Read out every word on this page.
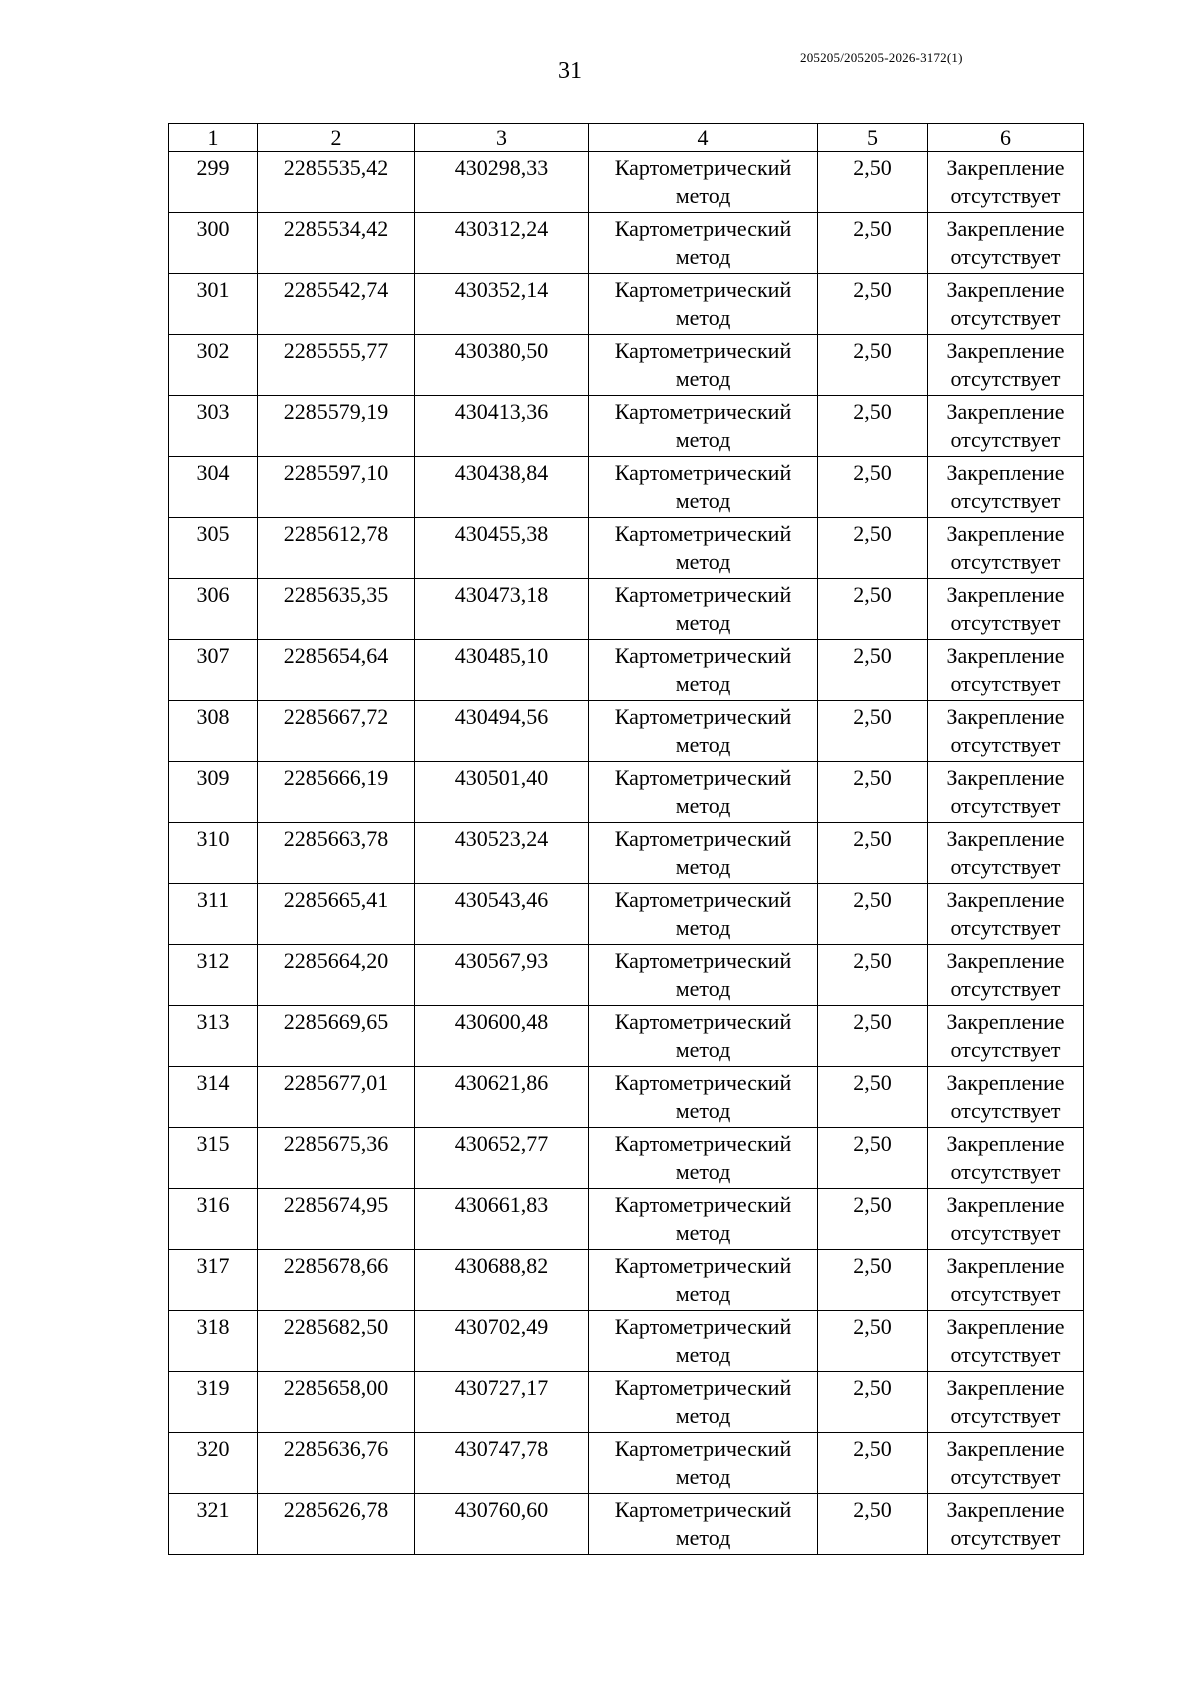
31
205205/205205-2026-3172(1)
1	2	3	4	5	6
299	2285535,42	430298,33	Картометрический метод	2,50	Закрепление отсутствует
300	2285534,42	430312,24	Картометрический метод	2,50	Закрепление отсутствует
301	2285542,74	430352,14	Картометрический метод	2,50	Закрепление отсутствует
302	2285555,77	430380,50	Картометрический метод	2,50	Закрепление отсутствует
303	2285579,19	430413,36	Картометрический метод	2,50	Закрепление отсутствует
304	2285597,10	430438,84	Картометрический метод	2,50	Закрепление отсутствует
305	2285612,78	430455,38	Картометрический метод	2,50	Закрепление отсутствует
306	2285635,35	430473,18	Картометрический метод	2,50	Закрепление отсутствует
307	2285654,64	430485,10	Картометрический метод	2,50	Закрепление отсутствует
308	2285667,72	430494,56	Картометрический метод	2,50	Закрепление отсутствует
309	2285666,19	430501,40	Картометрический метод	2,50	Закрепление отсутствует
310	2285663,78	430523,24	Картометрический метод	2,50	Закрепление отсутствует
311	2285665,41	430543,46	Картометрический метод	2,50	Закрепление отсутствует
312	2285664,20	430567,93	Картометрический метод	2,50	Закрепление отсутствует
313	2285669,65	430600,48	Картометрический метод	2,50	Закрепление отсутствует
314	2285677,01	430621,86	Картометрический метод	2,50	Закрепление отсутствует
315	2285675,36	430652,77	Картометрический метод	2,50	Закрепление отсутствует
316	2285674,95	430661,83	Картометрический метод	2,50	Закрепление отсутствует
317	2285678,66	430688,82	Картометрический метод	2,50	Закрепление отсутствует
318	2285682,50	430702,49	Картометрический метод	2,50	Закрепление отсутствует
319	2285658,00	430727,17	Картометрический метод	2,50	Закрепление отсутствует
320	2285636,76	430747,78	Картометрический метод	2,50	Закрепление отсутствует
321	2285626,78	430760,60	Картометрический метод	2,50	Закрепление отсутствует
